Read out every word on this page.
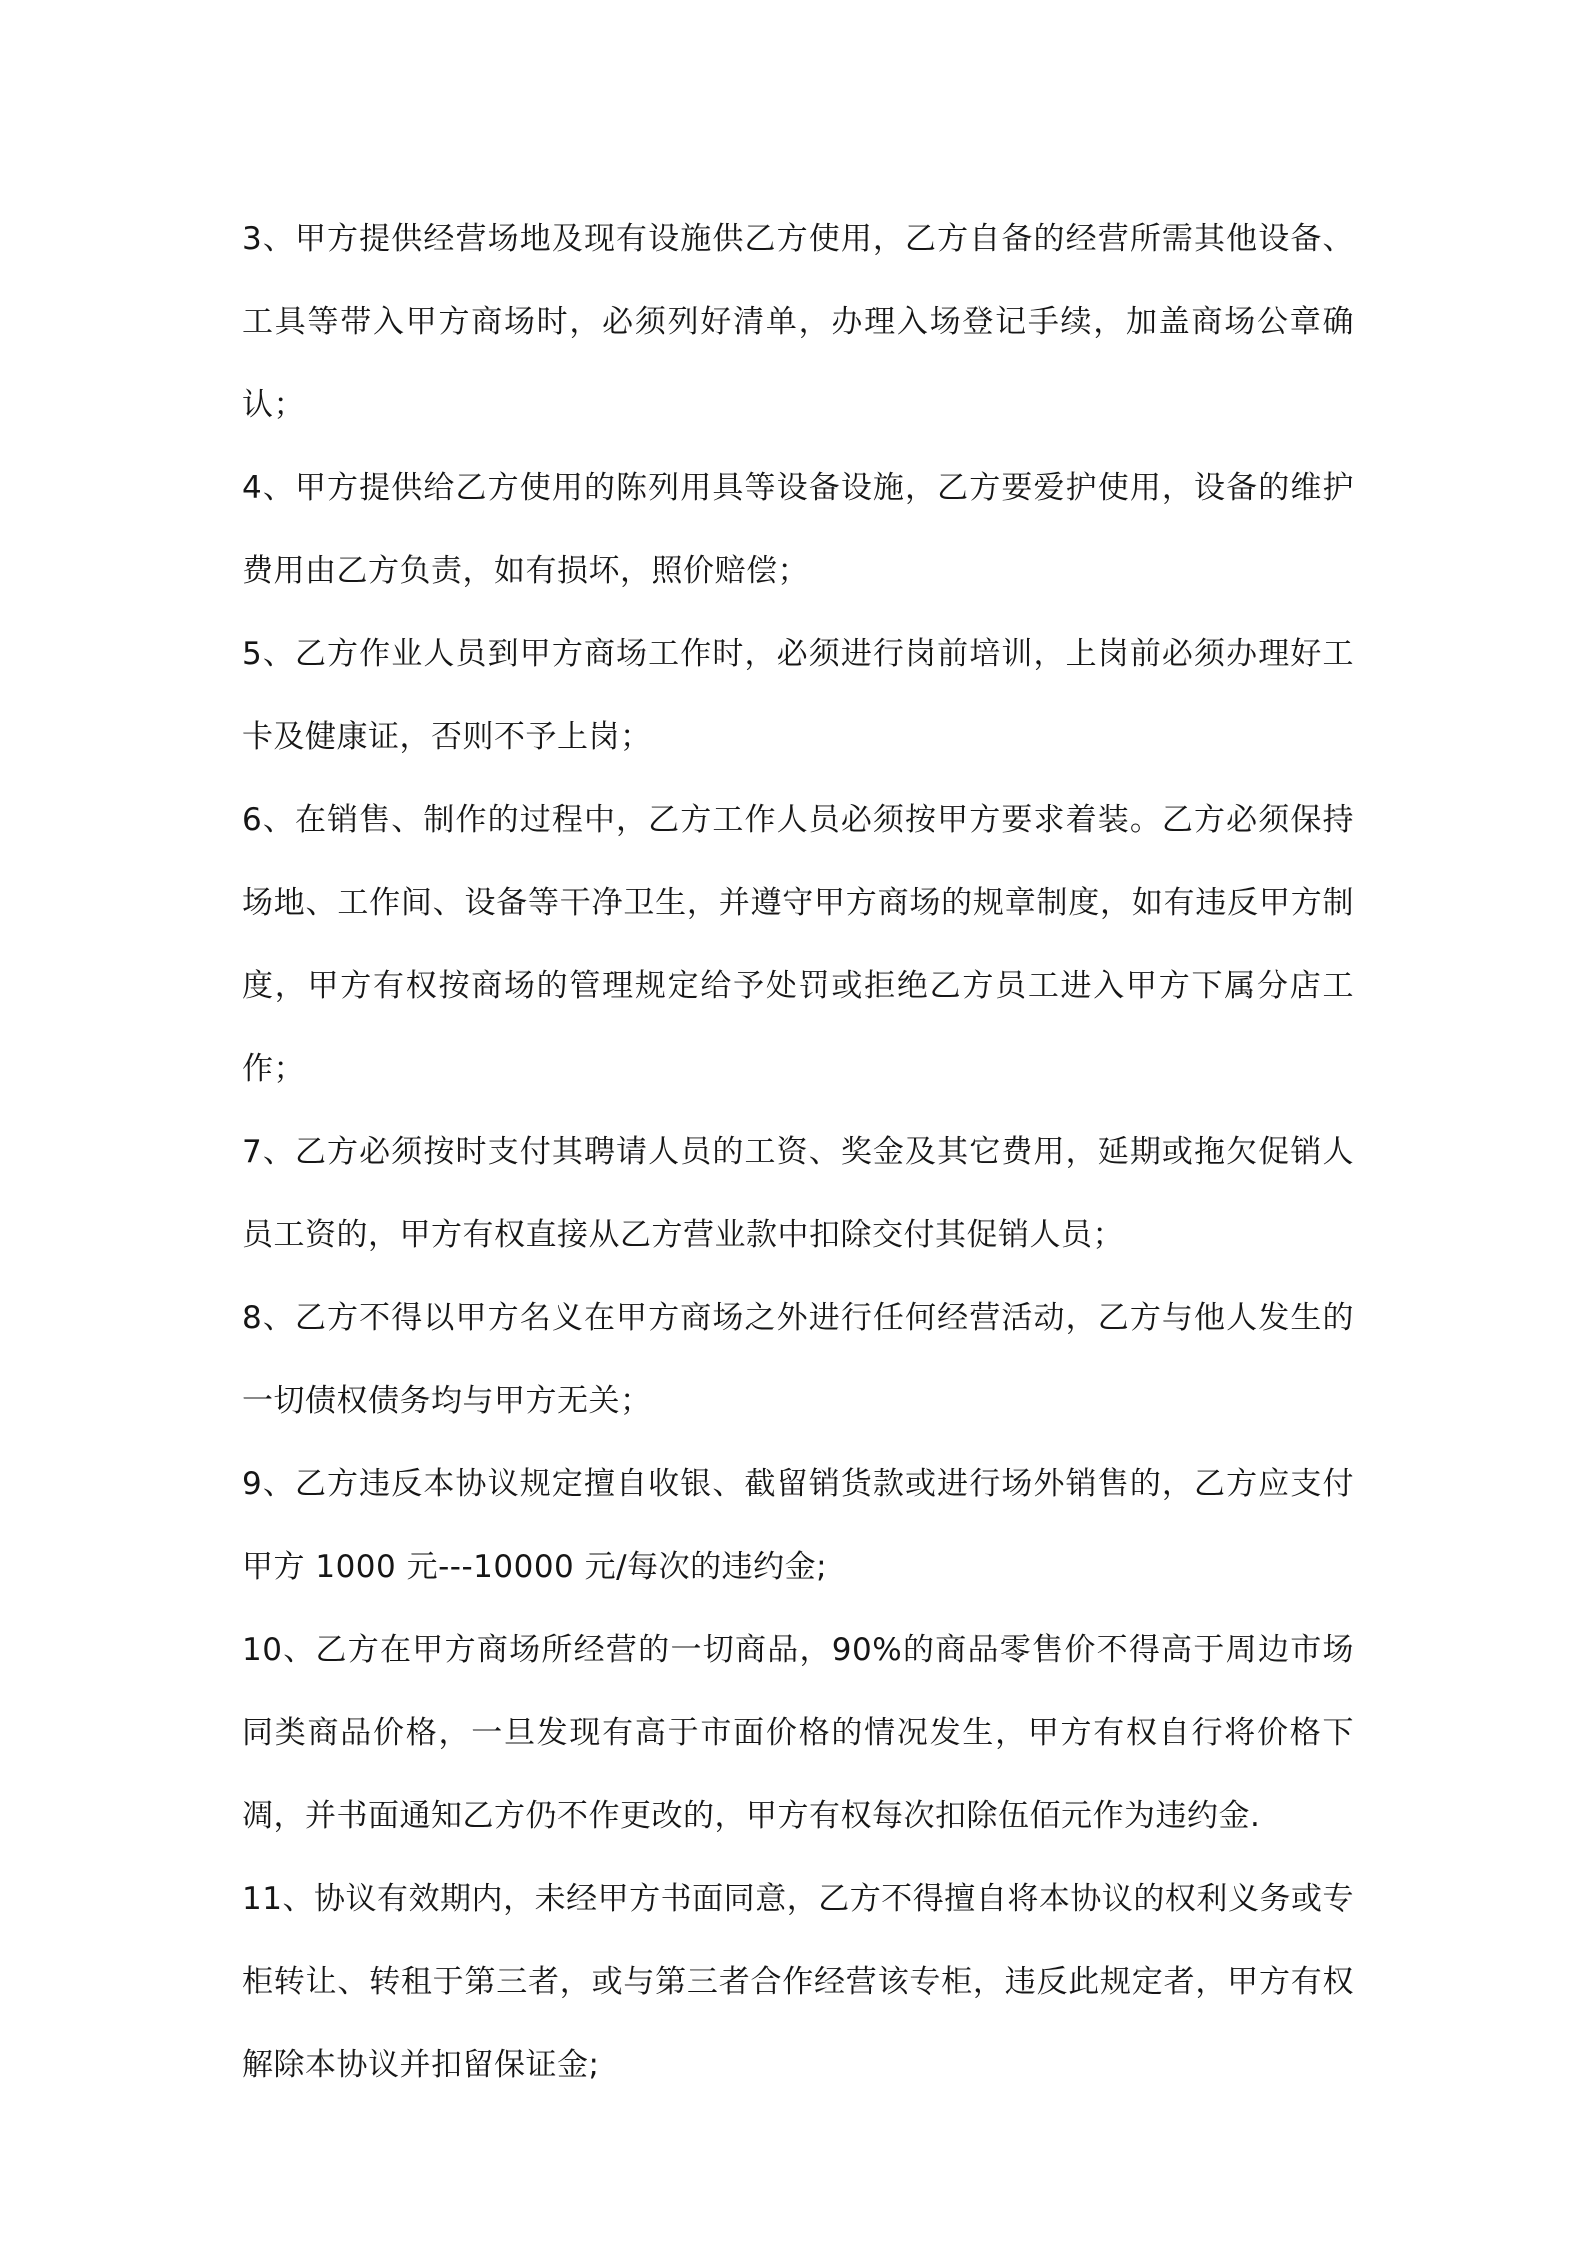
3、甲方提供经营场地及现有设施供乙方使用，乙方自备的经营所需其他设备、工具等带入甲方商场时，必须列好清单，办理入场登记手续，加盖商场公章确认；

4、甲方提供给乙方使用的陈列用具等设备设施，乙方要爱护使用，设备的维护费用由乙方负责，如有损坏，照价赔偿；

5、乙方作业人员到甲方商场工作时，必须进行岗前培训，上岗前必须办理好工卡及健康证，否则不予上岗；

6、在销售、制作的过程中，乙方工作人员必须按甲方要求着装。乙方必须保持场地、工作间、设备等干净卫生，并遵守甲方商场的规章制度，如有违反甲方制度，甲方有权按商场的管理规定给予处罚或拒绝乙方员工进入甲方下属分店工作；

7、乙方必须按时支付其聘请人员的工资、奖金及其它费用，延期或拖欠促销人员工资的，甲方有权直接从乙方营业款中扣除交付其促销人员；

8、乙方不得以甲方名义在甲方商场之外进行任何经营活动，乙方与他人发生的一切债权债务均与甲方无关；

9、乙方违反本协议规定擅自收银、截留销货款或进行场外销售的，乙方应支付甲方 1000 元---10000 元/每次的违约金;

10、乙方在甲方商场所经营的一切商品，90%的商品零售价不得高于周边市场同类商品价格，一旦发现有高于市面价格的情况发生，甲方有权自行将价格下凋，并书面通知乙方仍不作更改的，甲方有权每次扣除伍佰元作为违约金.

11、协议有效期内，未经甲方书面同意，乙方不得擅自将本协议的权利义务或专柜转让、转租于第三者，或与第三者合作经营该专柜，违反此规定者，甲方有权解除本协议并扣留保证金;
